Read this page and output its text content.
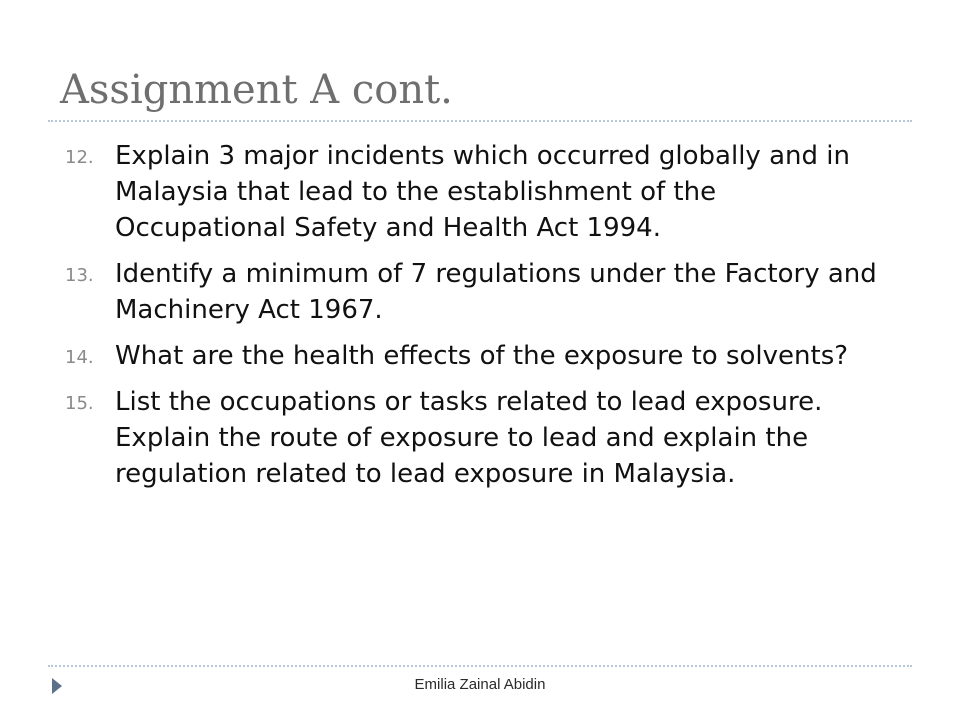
Assignment A cont.
12. Explain 3 major incidents which occurred globally and in Malaysia that lead to the establishment of the Occupational Safety and Health Act 1994.
13. Identify a minimum of 7 regulations under the Factory and Machinery Act 1967.
14. What are the health effects of the exposure to solvents?
15. List the occupations or tasks related to lead exposure. Explain the route of exposure to lead and explain the regulation related to lead exposure in Malaysia.
Emilia Zainal Abidin
